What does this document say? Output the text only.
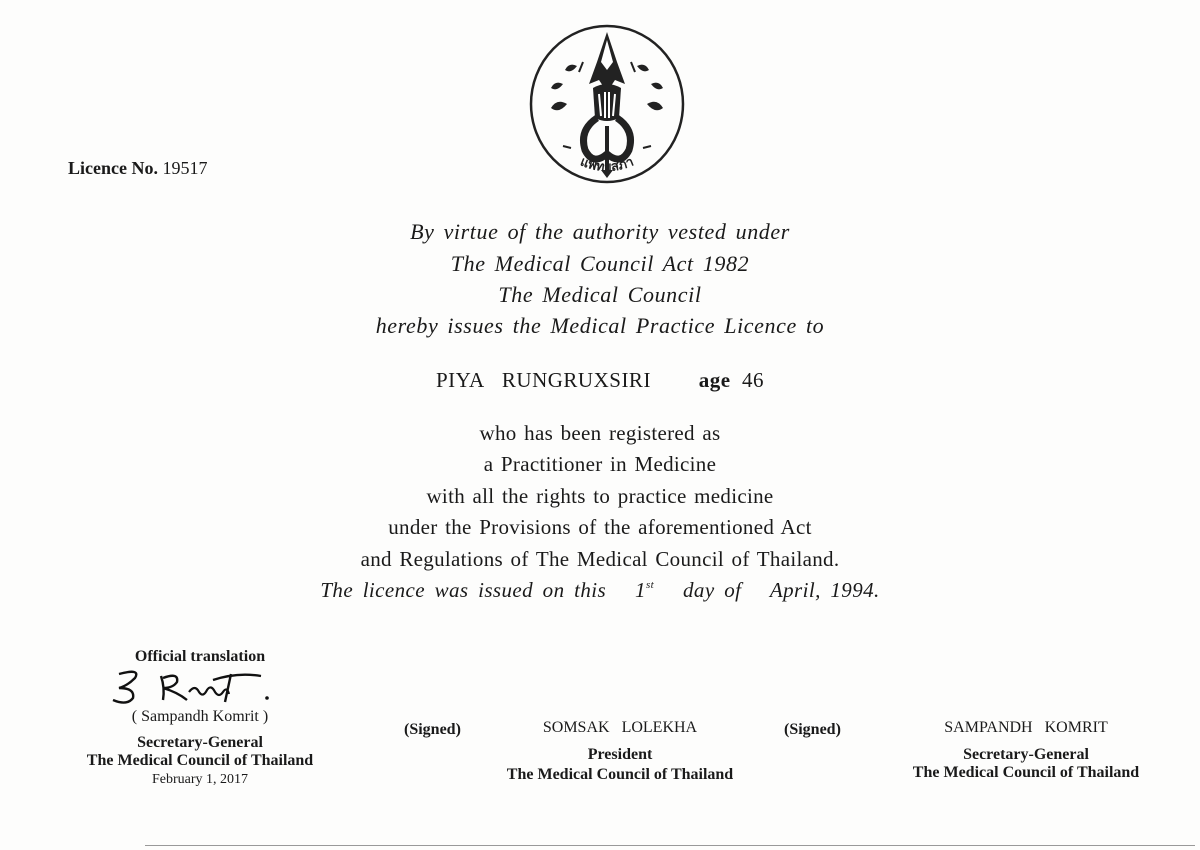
Licence No. 19517	แพทยสภา
By virtue of the authority vested under
The Medical Council Act 1982
The Medical Council
hereby issues the Medical Practice Licence to
PIYA RUNGRUXSIRI age 46
who has been registered as
a Practitioner in Medicine
with all the rights to practice medicine
under the Provisions of the aforementioned Act
and Regulations of The Medical Council of Thailand.
The licence was issued on this 1st day of April, 1994.
Official translation
( Sampandh Komrit )
Secretary-General
The Medical Council of Thailand
February 1, 2017
(Signed)	(Signed)
SOMSAK   LOLEKHA
President
The Medical Council of Thailand
SAMPANDH   KOMRIT
Secretary-General
The Medical Council of Thailand
